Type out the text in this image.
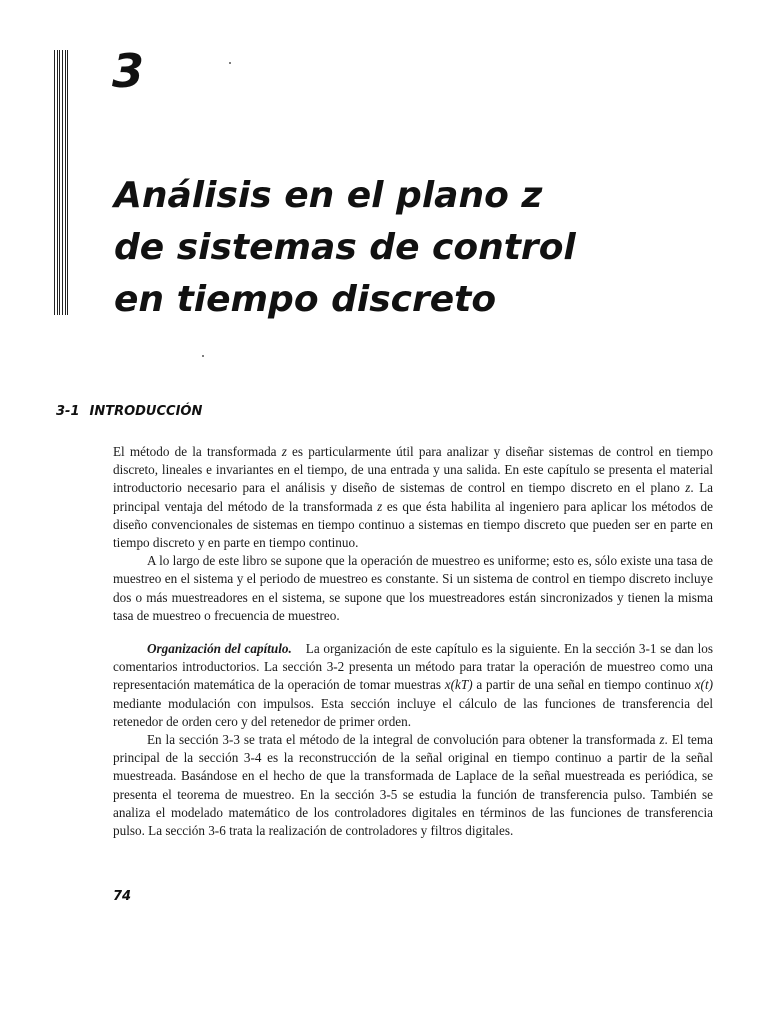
3
Análisis en el plano z
de sistemas de control
en tiempo discreto
3-1 INTRODUCCIÓN

El método de la transformada z es particularmente útil para analizar y diseñar sistemas de control en tiempo discreto, lineales e invariantes en el tiempo, de una entrada y una salida. En este capítulo se presenta el material introductorio necesario para el análisis y diseño de sistemas de control en tiempo discreto en el plano z. La principal ventaja del método de la transformada z es que ésta habilita al ingeniero para aplicar los métodos de diseño convencionales de sistemas en tiempo continuo a sistemas en tiempo discreto que pueden ser en parte en tiempo discreto y en parte en tiempo continuo.

A lo largo de este libro se supone que la operación de muestreo es uniforme; esto es, sólo existe una tasa de muestreo en el sistema y el periodo de muestreo es constante. Si un sistema de control en tiempo discreto incluye dos o más muestreadores en el sistema, se supone que los muestreadores están sincronizados y tienen la misma tasa de muestreo o frecuencia de muestreo.

Organización del capítulo. La organización de este capítulo es la siguiente. En la sección 3-1 se dan los comentarios introductorios. La sección 3-2 presenta un método para tratar la operación de muestreo como una representación matemática de la operación de tomar muestras x(kT) a partir de una señal en tiempo continuo x(t) mediante modulación con impulsos. Esta sección incluye el cálculo de las funciones de transferencia del retenedor de orden cero y del retenedor de primer orden.

En la sección 3-3 se trata el método de la integral de convolución para obtener la transformada z. El tema principal de la sección 3-4 es la reconstrucción de la señal original en tiempo continuo a partir de la señal muestreada. Basándose en el hecho de que la transformada de Laplace de la señal muestreada es periódica, se presenta el teorema de muestreo. En la sección 3-5 se estudia la función de transferencia pulso. También se analiza el modelado matemático de los controladores digitales en términos de las funciones de transferencia pulso. La sección 3-6 trata la realización de controladores y filtros digitales.

74
